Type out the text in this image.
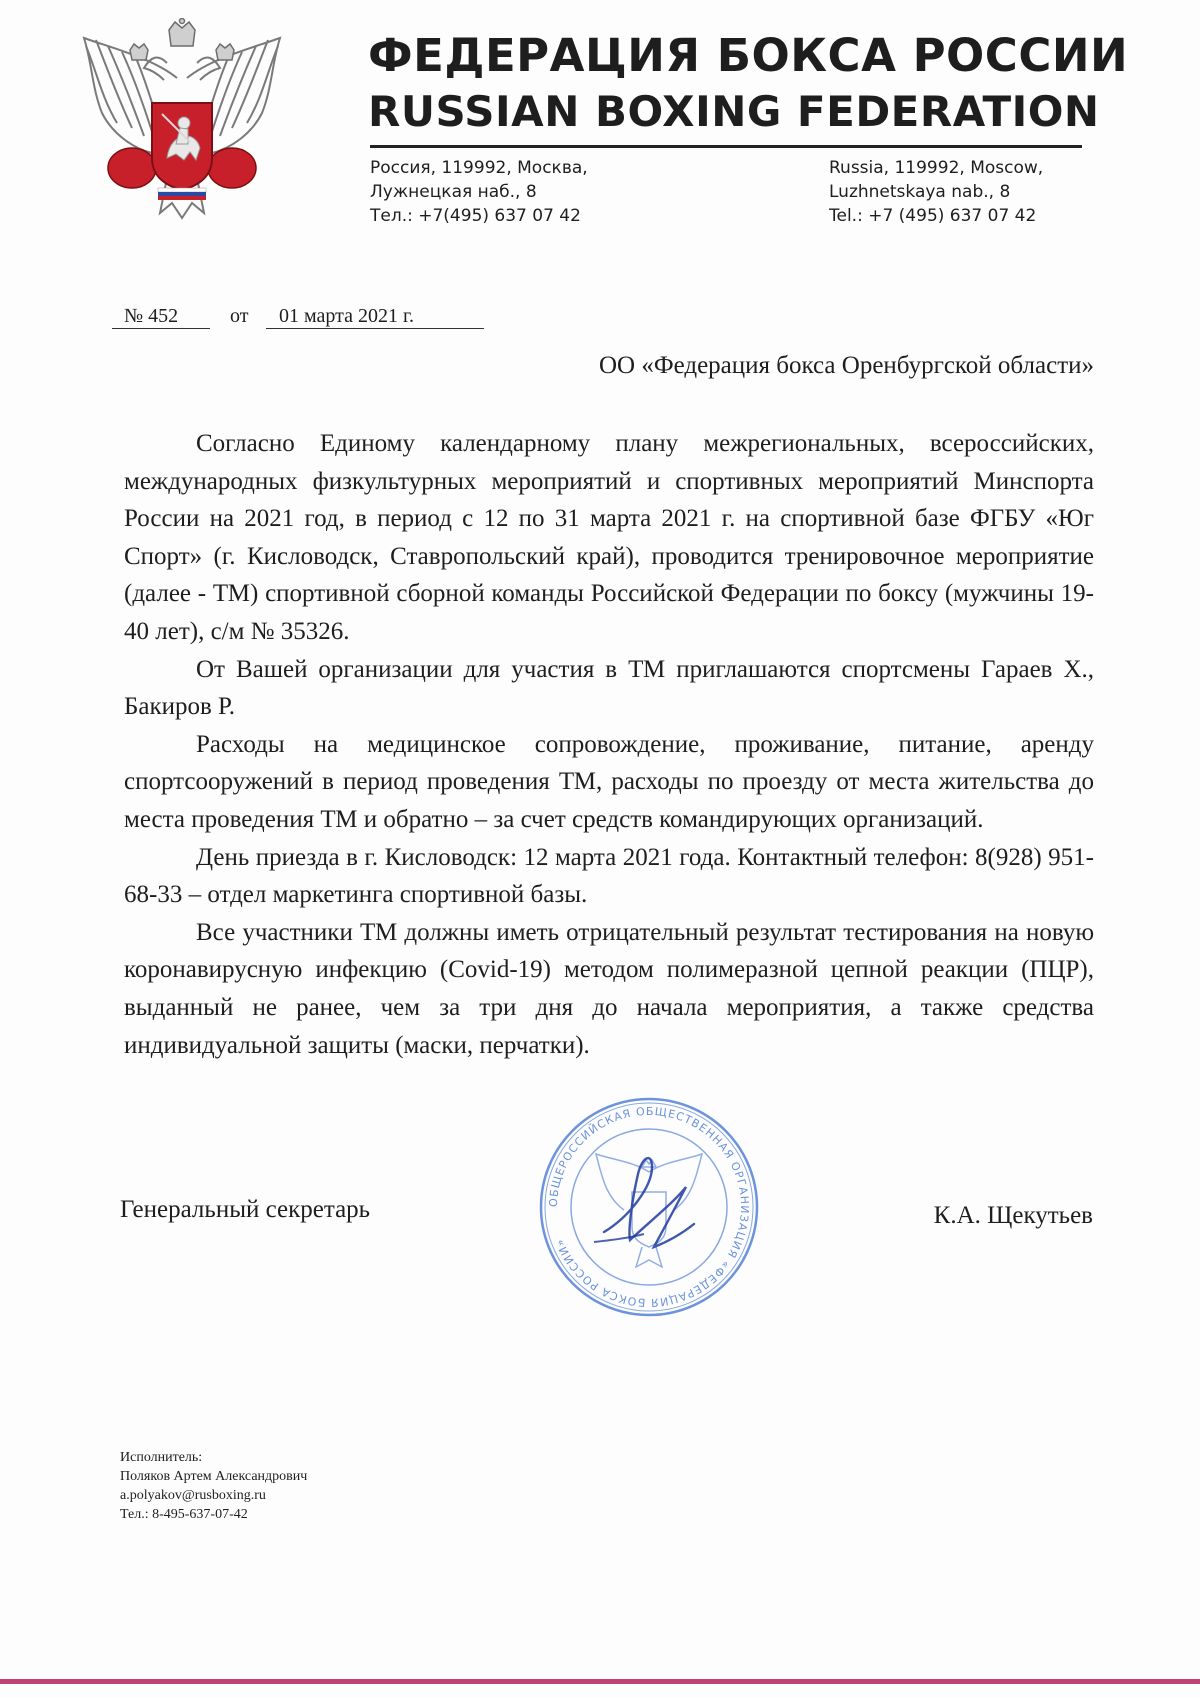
ФЕДЕРАЦИЯ БОКСА РОССИИ
RUSSIAN BOXING FEDERATION
Россия, 119992, Москва,
Лужнецкая наб., 8
Тел.: +7(495) 637 07 42
Russia, 119992, Moscow,
Luzhnetskaya nab., 8
Tel.: +7 (495) 637 07 42
№ 452	от	01 марта 2021 г.
ОО «Федерация бокса Оренбургской области»

Согласно Единому календарному плану межрегиональных, всероссийских, международных физкультурных мероприятий и спортивных мероприятий Минспорта России на 2021 год, в период с 12 по 31 марта 2021 г. на спортивной базе ФГБУ «Юг Спорт» (г. Кисловодск, Ставропольский край), проводится тренировочное мероприятие (далее - ТМ) спортивной сборной команды Российской Федерации по боксу (мужчины 19-40 лет), с/м № 35326.

От Вашей организации для участия в ТМ приглашаются спортсмены Гараев Х., Бакиров Р.

Расходы на медицинское сопровождение, проживание, питание, аренду спортсооружений в период проведения ТМ, расходы по проезду от места жительства до места проведения ТМ и обратно – за счет средств командирующих организаций.

День приезда в г. Кисловодск: 12 марта 2021 года. Контактный телефон: 8(928) 951-68-33 – отдел маркетинга спортивной базы.

Все участники ТМ должны иметь отрицательный результат тестирования на новую коронавирусную инфекцию (Covid-19) методом полимеразной цепной реакции (ПЦР), выданный не ранее, чем за три дня до начала мероприятия, а также средства индивидуальной защиты (маски, перчатки).

Генеральный секретарь	ОБЩЕРОССИЙСКАЯ ОБЩЕСТВЕННАЯ ОРГАНИЗАЦИЯ «ФЕДЕРАЦИЯ БОКСА РОССИИ»
К.А. Щекутьев
Исполнитель:
Поляков Артем Александрович
a.polyakov@rusboxing.ru
Тел.: 8-495-637-07-42
